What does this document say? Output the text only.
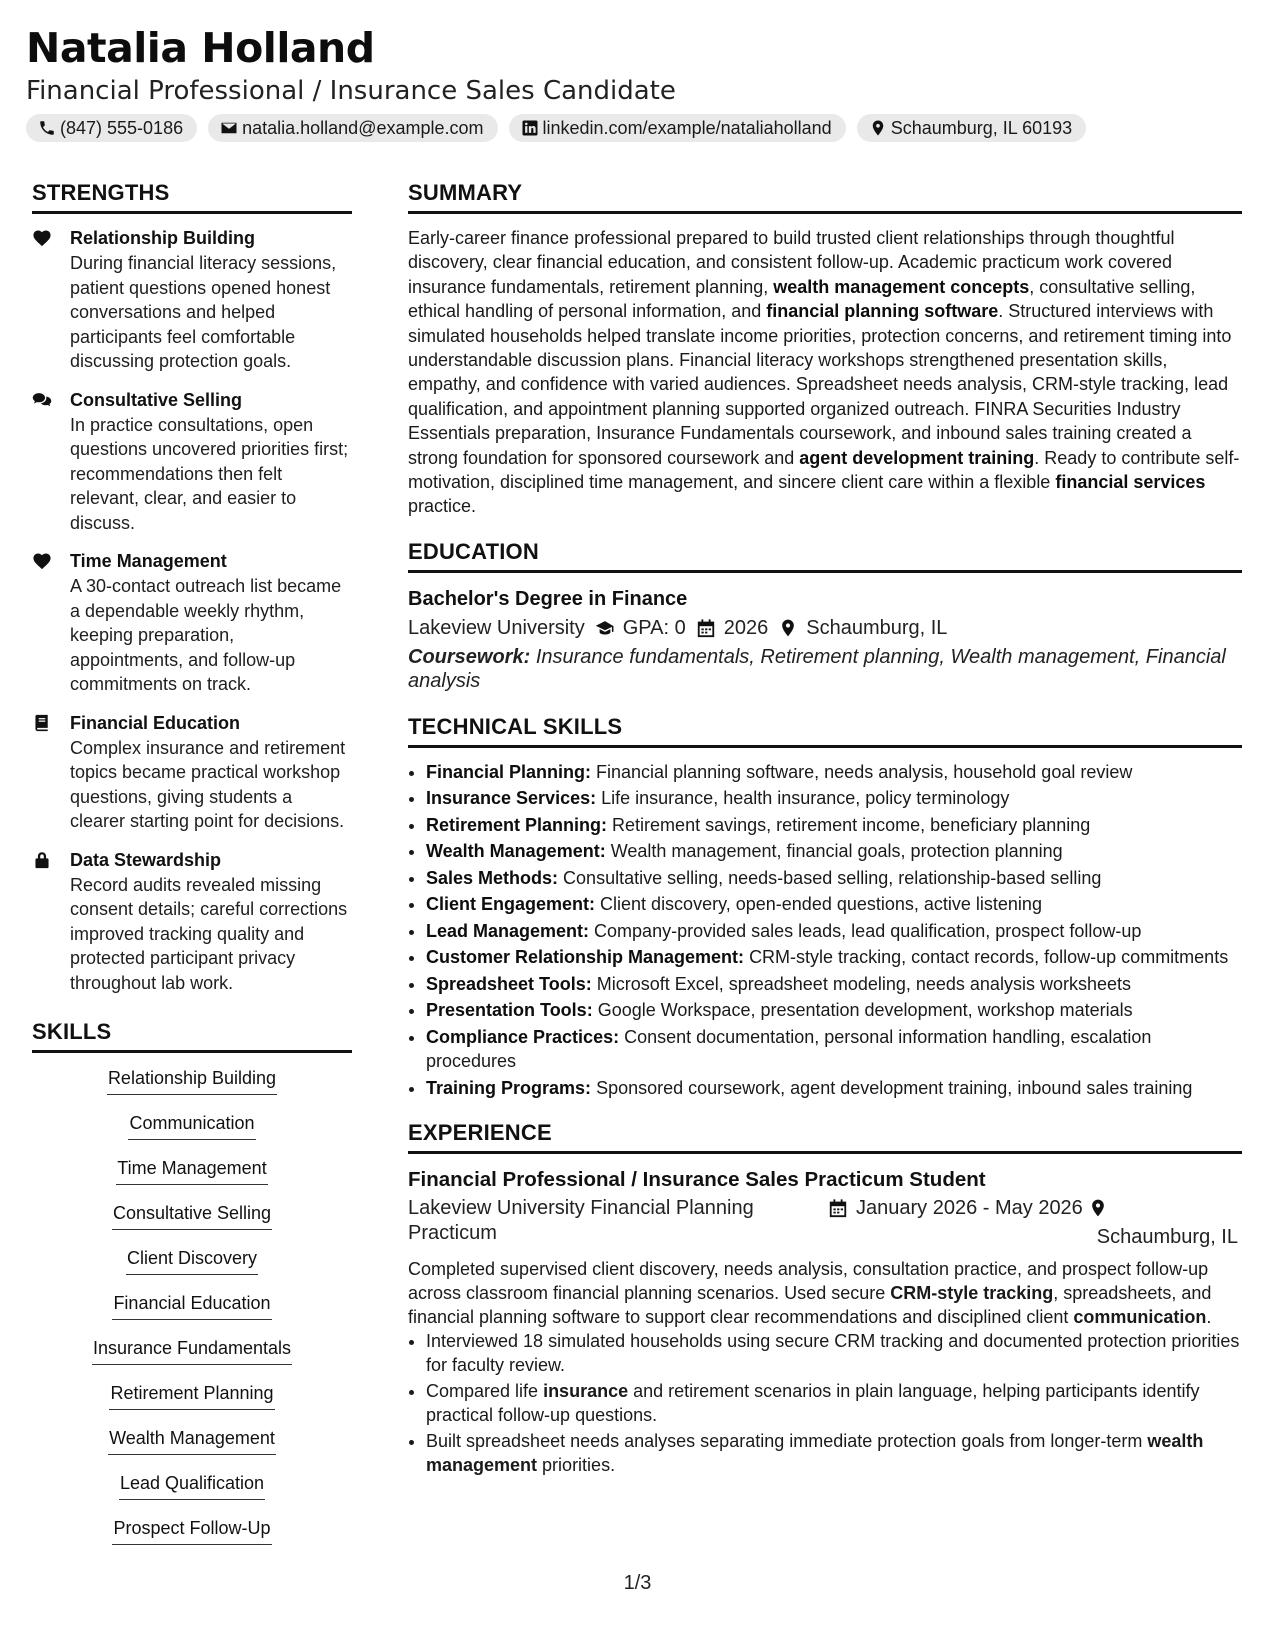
Natalia Holland
Financial Professional / Insurance Sales Candidate
(847) 555-0186	natalia.holland@example.com	linkedin.com/example/nataliaholland	Schaumburg, IL 60193
STRENGTHS
Relationship Building
During financial literacy sessions, patient questions opened honest conversations and helped participants feel comfortable discussing protection goals.
Consultative Selling
In practice consultations, open questions uncovered priorities first; recommendations then felt relevant, clear, and easier to discuss.
Time Management
A 30-contact outreach list became a dependable weekly rhythm, keeping preparation, appointments, and follow-up commitments on track.
Financial Education
Complex insurance and retirement topics became practical workshop questions, giving students a clearer starting point for decisions.
Data Stewardship
Record audits revealed missing consent details; careful corrections improved tracking quality and protected participant privacy throughout lab work.
SKILLS
Relationship Building
Communication
Time Management
Consultative Selling
Client Discovery
Financial Education
Insurance Fundamentals
Retirement Planning
Wealth Management
Lead Qualification
Prospect Follow-Up
SUMMARY
Early-career finance professional prepared to build trusted client relationships through thoughtful discovery, clear financial education, and consistent follow-up. Academic practicum work covered insurance fundamentals, retirement planning, wealth management concepts, consultative selling, ethical handling of personal information, and financial planning software. Structured interviews with simulated households helped translate income priorities, protection concerns, and retirement timing into understandable discussion plans. Financial literacy workshops strengthened presentation skills, empathy, and confidence with varied audiences. Spreadsheet needs analysis, CRM-style tracking, lead qualification, and appointment planning supported organized outreach. FINRA Securities Industry Essentials preparation, Insurance Fundamentals coursework, and inbound sales training created a strong foundation for sponsored coursework and agent development training. Ready to contribute self-motivation, disciplined time management, and sincere client care within a flexible financial services practice.
EDUCATION
Bachelor's Degree in Finance
Lakeview University GPA: 0 2026 Schaumburg, IL
Coursework: Insurance fundamentals, Retirement planning, Wealth management, Financial analysis
TECHNICAL SKILLS
• Financial Planning: Financial planning software, needs analysis, household goal review
• Insurance Services: Life insurance, health insurance, policy terminology
• Retirement Planning: Retirement savings, retirement income, beneficiary planning
• Wealth Management: Wealth management, financial goals, protection planning
• Sales Methods: Consultative selling, needs-based selling, relationship-based selling
• Client Engagement: Client discovery, open-ended questions, active listening
• Lead Management: Company-provided sales leads, lead qualification, prospect follow-up
• Customer Relationship Management: CRM-style tracking, contact records, follow-up commitments
• Spreadsheet Tools: Microsoft Excel, spreadsheet modeling, needs analysis worksheets
• Presentation Tools: Google Workspace, presentation development, workshop materials
• Compliance Practices: Consent documentation, personal information handling, escalation procedures
• Training Programs: Sponsored coursework, agent development training, inbound sales training
EXPERIENCE
Financial Professional / Insurance Sales Practicum Student
Lakeview University Financial Planning Practicum
January 2026 - May 2026
Schaumburg, IL
Completed supervised client discovery, needs analysis, consultation practice, and prospect follow-up across classroom financial planning scenarios. Used secure CRM-style tracking, spreadsheets, and financial planning software to support clear recommendations and disciplined client communication.
• Interviewed 18 simulated households using secure CRM tracking and documented protection priorities for faculty review.
• Compared life insurance and retirement scenarios in plain language, helping participants identify practical follow-up questions.
• Built spreadsheet needs analyses separating immediate protection goals from longer-term wealth management priorities.
1/3
